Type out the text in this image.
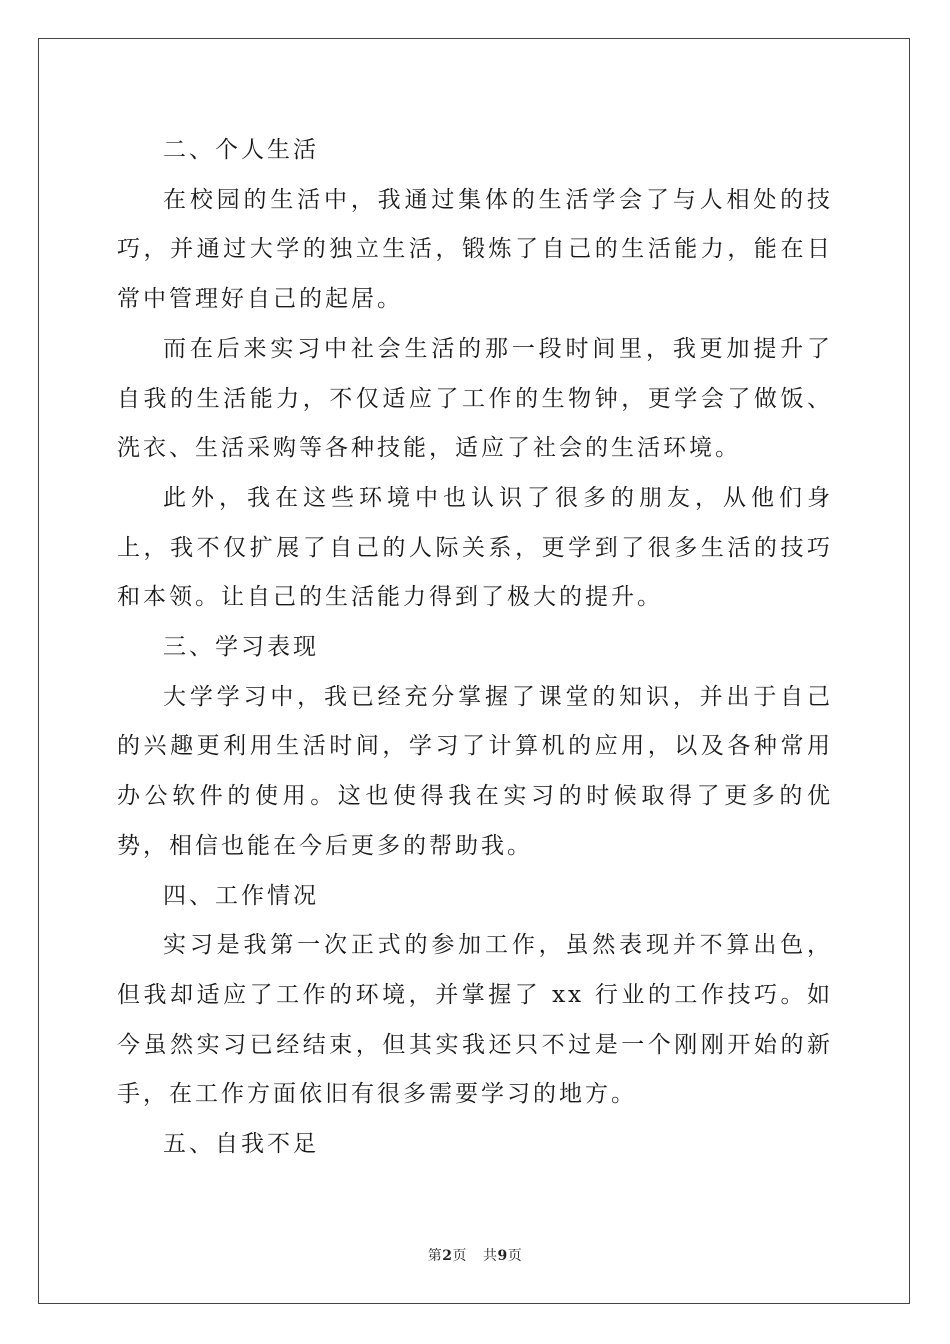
二、个人生活

在校园的生活中，我通过集体的生活学会了与人相处的技巧，并通过大学的独立生活，锻炼了自己的生活能力，能在日常中管理好自己的起居。

而在后来实习中社会生活的那一段时间里，我更加提升了自我的生活能力，不仅适应了工作的生物钟，更学会了做饭、洗衣、生活采购等各种技能，适应了社会的生活环境。

此外，我在这些环境中也认识了很多的朋友，从他们身上，我不仅扩展了自己的人际关系，更学到了很多生活的技巧和本领。让自己的生活能力得到了极大的提升。

三、学习表现

大学学习中，我已经充分掌握了课堂的知识，并出于自己的兴趣更利用生活时间，学习了计算机的应用，以及各种常用办公软件的使用。这也使得我在实习的时候取得了更多的优势，相信也能在今后更多的帮助我。

四、工作情况

实习是我第一次正式的参加工作，虽然表现并不算出色，但我却适应了工作的环境，并掌握了 xx 行业的工作技巧。如今虽然实习已经结束，但其实我还只不过是一个刚刚开始的新手，在工作方面依旧有很多需要学习的地方。

五、自我不足

第2页 共9页
